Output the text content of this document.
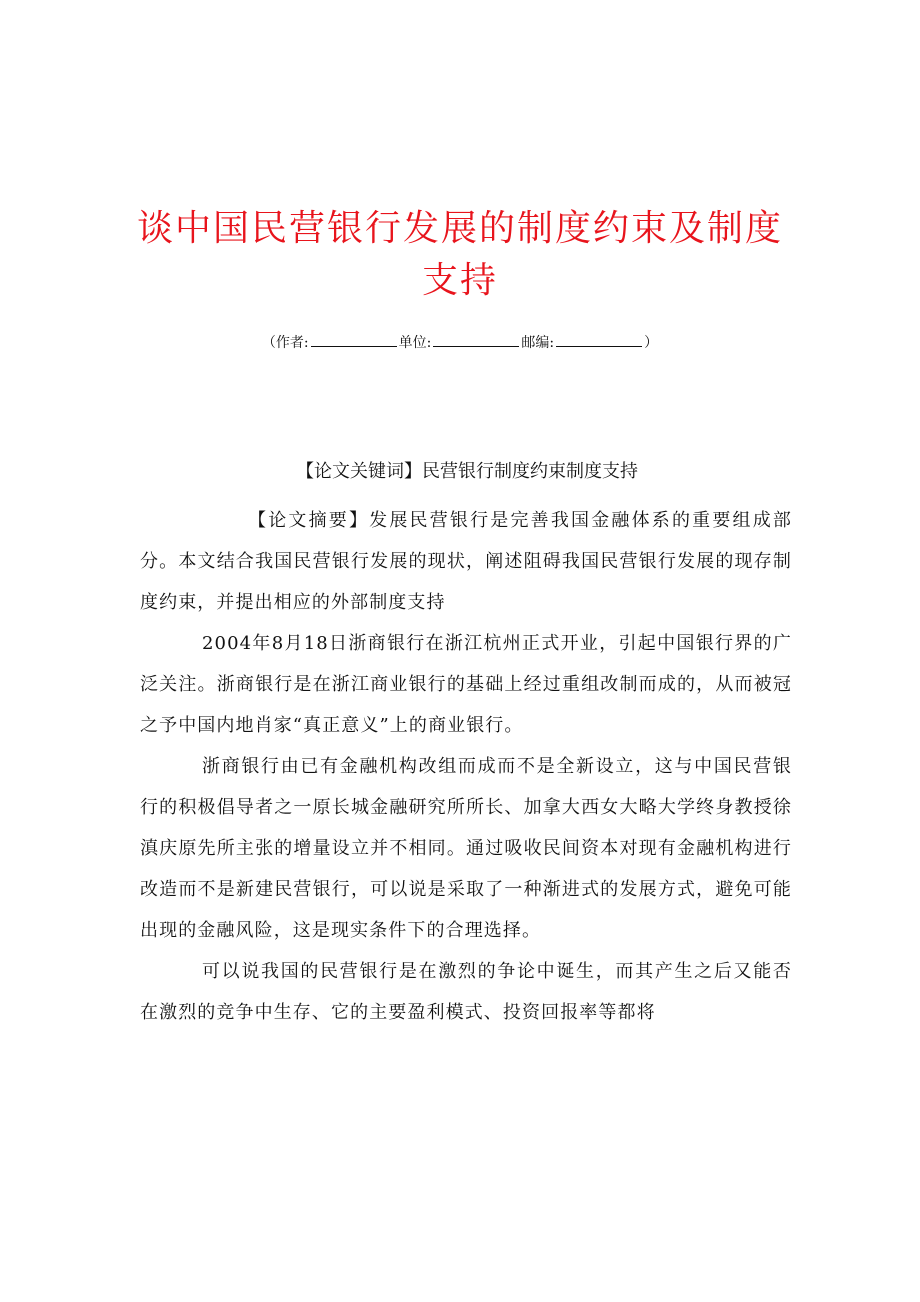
谈中国民营银行发展的制度约束及制度支持
（作者:	单位:	邮编:	）
【论文关键词】民营银行制度约束制度支持

【论文摘要】发展民营银行是完善我国金融体系的重要组成部分。本文结合我国民营银行发展的现状，阐述阻碍我国民营银行发展的现存制度约束，并提出相应的外部制度支持

2004年8月18日浙商银行在浙江杭州正式开业，引起中国银行界的广泛关注。浙商银行是在浙江商业银行的基础上经过重组改制而成的，从而被冠之予中国内地肖家“真正意义”上的商业银行。

浙商银行由已有金融机构改组而成而不是全新设立，这与中国民营银行的积极倡导者之一原长城金融研究所所长、加拿大西女大略大学终身教授徐滇庆原先所主张的增量设立并不相同。通过吸收民间资本对现有金融机构进行改造而不是新建民营银行，可以说是采取了一种渐进式的发展方式，避免可能出现的金融风险，这是现实条件下的合理选择。

可以说我国的民营银行是在激烈的争论中诞生，而其产生之后又能否在激烈的竞争中生存、它的主要盈利模式、投资回报率等都将
